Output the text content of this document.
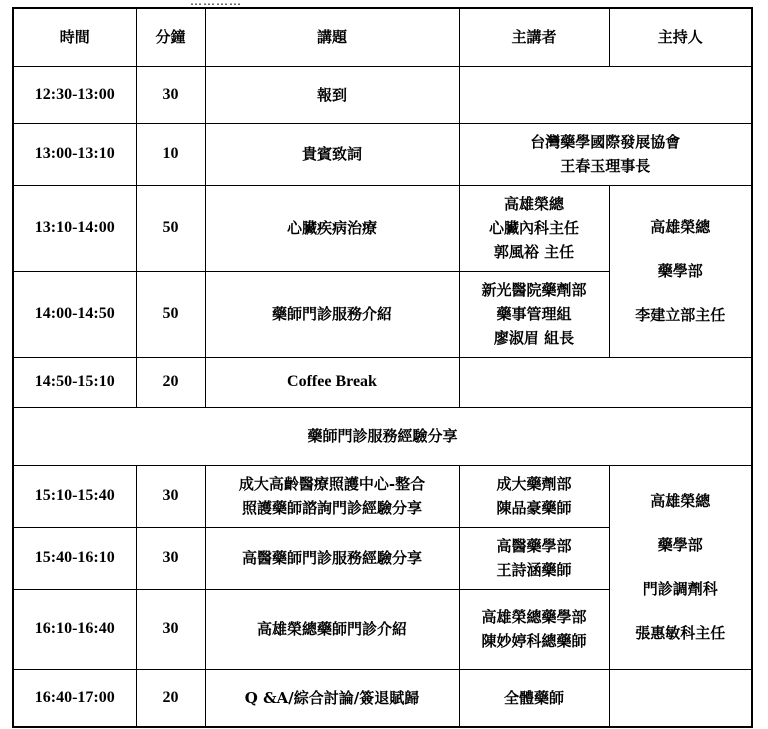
…………
時間	分鐘	講題	主講者	主持人
12:30-13:00	30	報到		
13:00-13:10	10	貴賓致詞	台灣藥學國際發展協會
王春玉理事長	

13:10-14:00	50	心臟疾病治療	高雄榮總
心臟內科主任
郭風裕 主任	高雄榮總
藥學部
李建立部主任

14:00-14:50	50	藥師門診服務介紹	新光醫院藥劑部
藥事管理組
廖淑眉 組長	

14:50-15:10	20	Coffee Break		
藥師門診服務經驗分享				
15:10-15:40	30	成大高齡醫療照護中心-整合
照護藥師諮詢門診經驗分享	成大藥劑部
陳品豪藥師	高雄榮總
藥學部
門診調劑科
張惠敏科主任

15:40-16:10	30	高醫藥師門診服務經驗分享	高醫藥學部
王詩涵藥師	

16:10-16:40	30	高雄榮總藥師門診介紹	高雄榮總藥學部
陳妙婷科總藥師	

16:40-17:00	20	Q &A/綜合討論/簽退賦歸	全體藥師	
